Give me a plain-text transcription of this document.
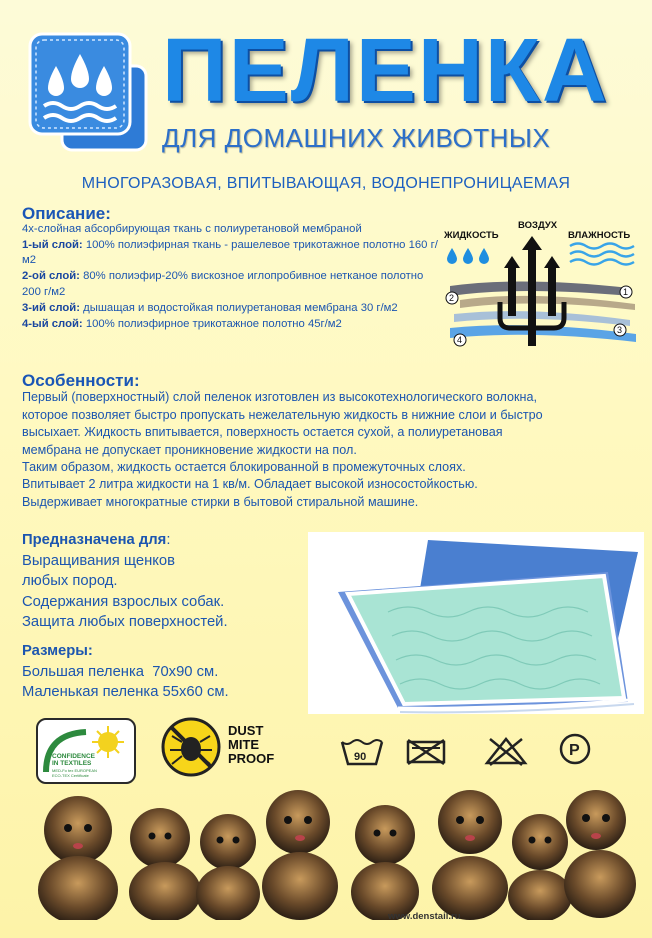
ПЕЛЕНКА
ДЛЯ ДОМАШНИХ ЖИВОТНЫХ
МНОГОРАЗОВАЯ, ВПИТЫВАЮЩАЯ, ВОДОНЕПРОНИЦАЕМАЯ
Описание:
4х-слойная абсорбирующая ткань с полиуретановой мембраной
1-ый слой: 100% полиэфирная ткань - рашелевое трикотажное полотно 160 г/м2
2-ой слой: 80% полиэфир-20% вискозное иглопробивное нетканое полотно 200 г/м2
3-ий слой: дышащая и водостойкая полиуретановая мембрана 30 г/м2
4-ый слой: 100% полиэфирное трикотажное полотно 45г/м2
ЖИДКОСТЬ
ВОЗДУХ
ВЛАЖНОСТЬ
2
1
3
4
Особенности:
Первый (поверхностный) слой пеленок изготовлен из высокотехнологического волокна,
которое позволяет быстро пропускать нежелательную жидкость в нижние слои и быстро
высыхает. Жидкость впитывается, поверхность остается сухой, а полиуретановая
мембрана не допускает проникновение жидкости на пол.
Таким образом, жидкость остается блокированной в промежуточных слоях.
Впитывает 2 литра жидкости на 1 кв/м. Обладает высокой износостойкостью.
Выдерживает многократные стирки в бытовой стиральной машине.
Предназначена для:
Выращивания щенков
любых пород.
Содержания взрослых собак.
Защита любых поверхностей.
Размеры:
Большая пеленка  70х90 см.
Маленькая пеленка 55х60 см.
CONFIDENCE
IN TEXTILES
MED-Fo tex EUROPEAN
ECO-TEX Certificate
DUST
MITE
PROOF	90	P
www.denstail.ru
